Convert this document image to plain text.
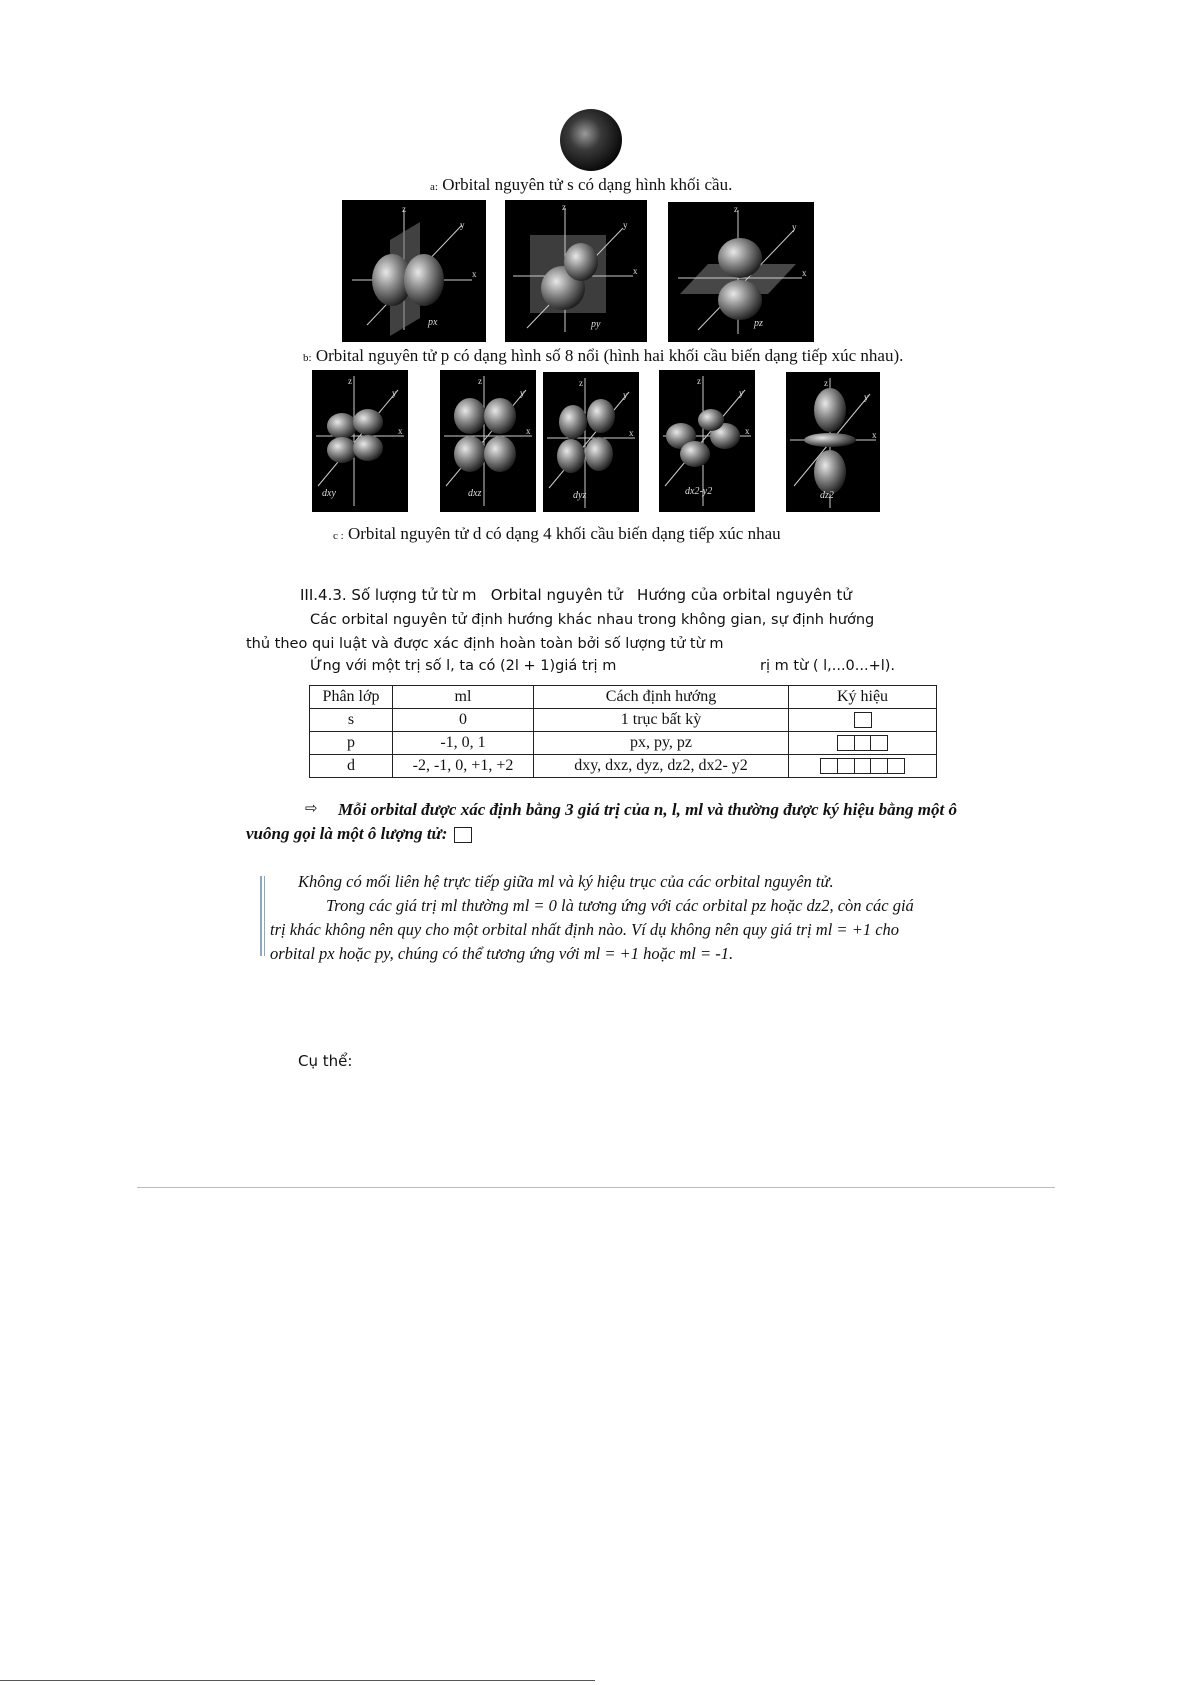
a: Orbital nguyên tử s có dạng hình khối cầu.
z
y
x
px
z
y
x
py
z
y
x
pz
b: Orbital nguyên tử p có dạng hình số 8 nổi (hình hai khối cầu biến dạng tiếp xúc nhau).
z
y
x
dxy
z
y
x
dxz
z
y
x
dyz
z
y
x
dx2-y2
z
y
x
dz2
c : Orbital nguyên tử d có dạng 4 khối cầu biến dạng tiếp xúc nhau
III.4.3. Số lượng tử từ m   Orbital nguyên tử   Hướng của orbital nguyên tử
Các orbital nguyên tử định hướng khác nhau trong không gian, sự định hướng
thủ theo qui luật và được xác định hoàn toàn bởi số lượng tử từ m
Ứng với một trị số l, ta có (2l + 1)giá trị m	rị m từ ( l,...0...+l).
Phân lớp	ml	Cách định hướng	Ký hiệu
s	0	1 trục bất kỳ	
p	-1, 0, 1	px, py, pz	
d	-2, -1, 0, +1, +2	dxy, dxz, dyz, dz2, dx2- y2	
⇨ Mỗi orbital được xác định bằng 3 giá trị của n, l, ml và thường được ký hiệu bằng một ô
vuông gọi là một ô lượng tử:
Không có mối liên hệ trực tiếp giữa ml và ký hiệu trục của các orbital nguyên tử.
Trong các giá trị ml thường ml = 0 là tương ứng với các orbital pz hoặc dz2, còn các giá
trị khác không nên quy cho một orbital nhất định nào. Ví dụ không nên quy giá trị ml = +1 cho
orbital px hoặc py, chúng có thể tương ứng với ml = +1 hoặc ml = -1.
Cụ thể:
